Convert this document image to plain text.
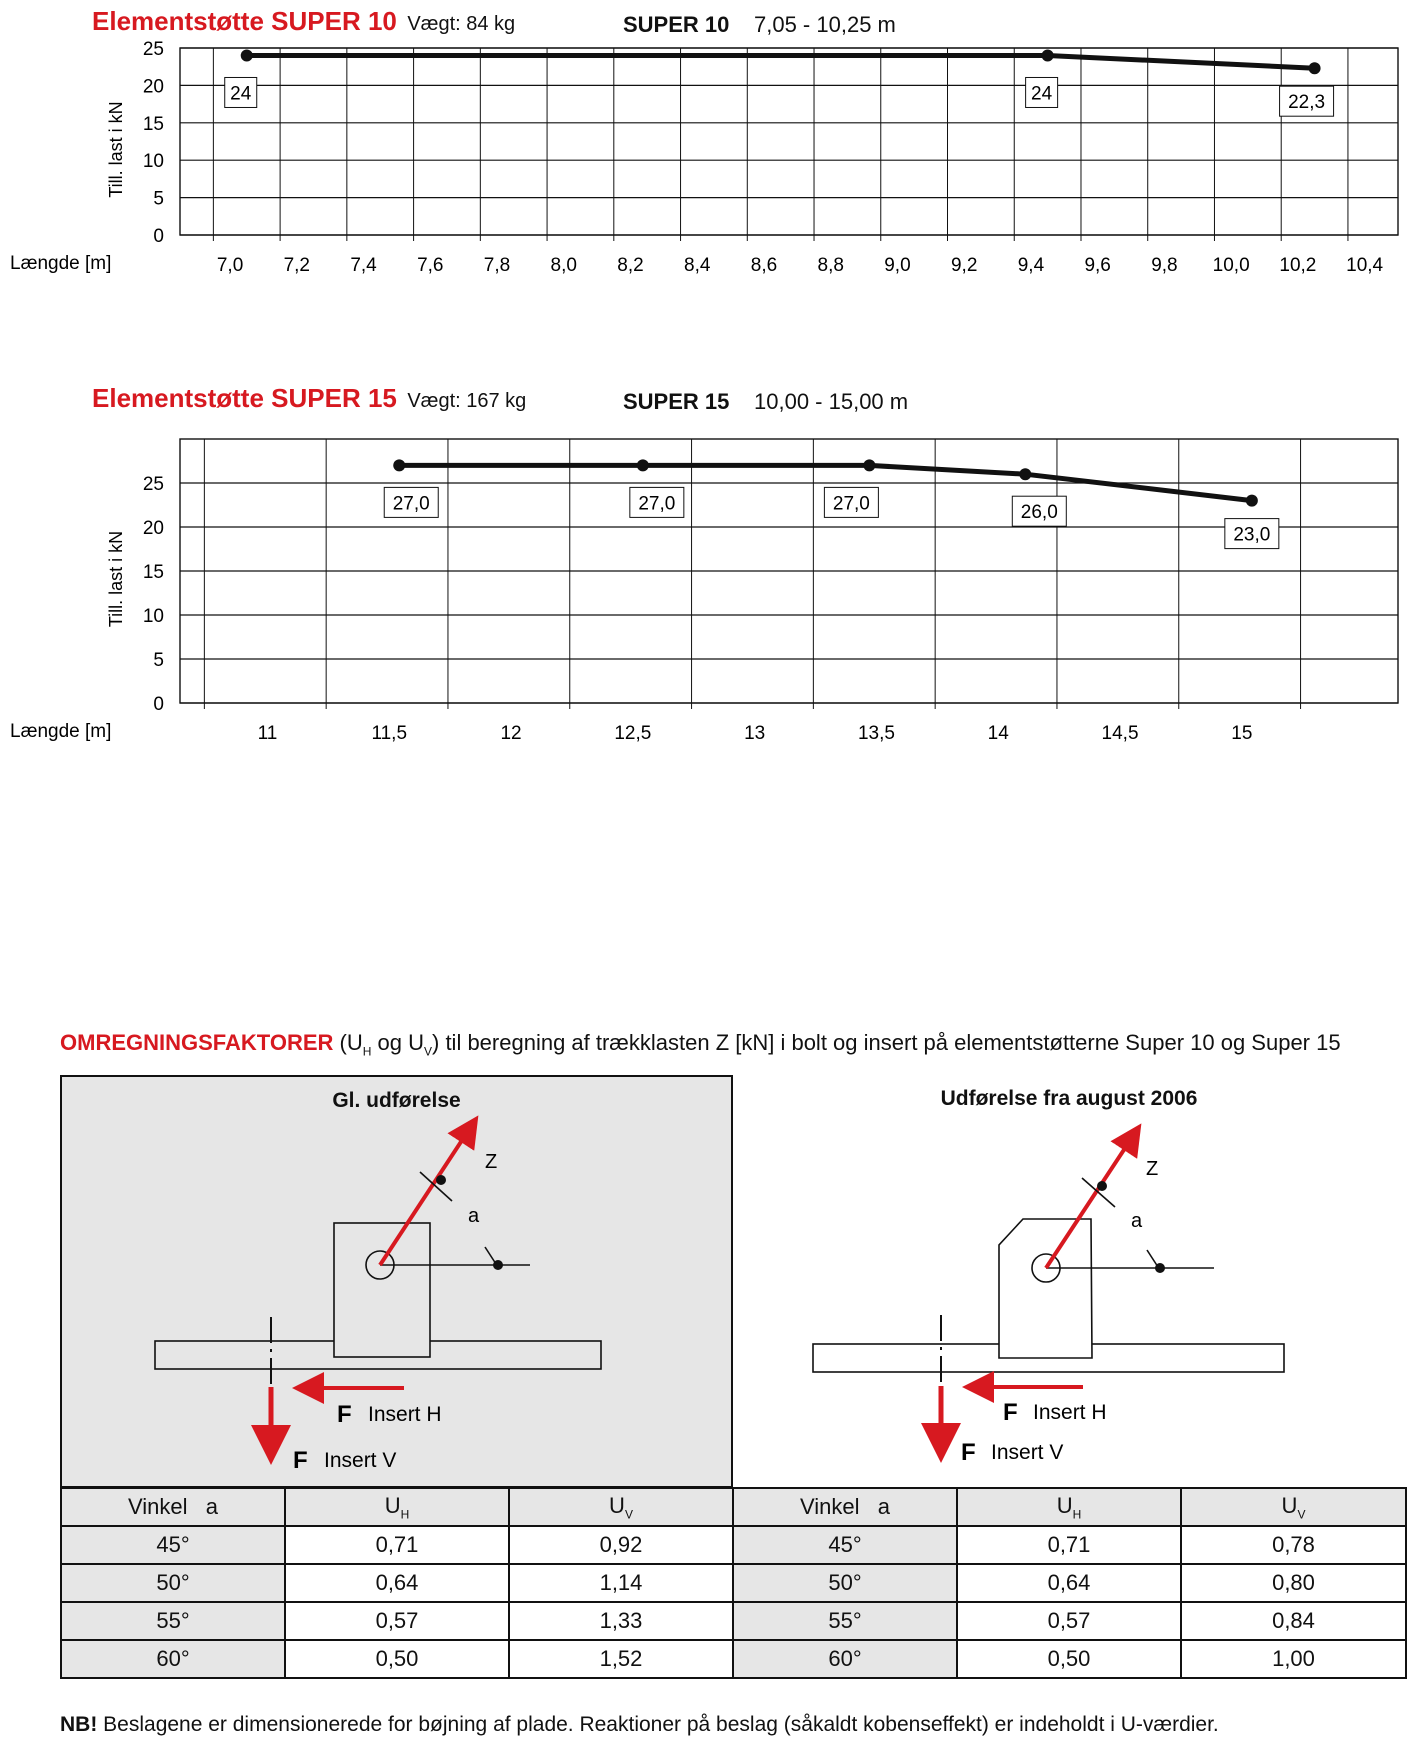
Elementstøtte SUPER 10 Vægt: 84 kg	SUPER 10 7,05 - 10,25 m
0
5
10
15
20
25
7,0 7,2 7,4 7,6 7,8 8,0 8,2 8,4 8,6 8,8 9,0 9,2 9,4 9,6 9,8 10,0 10,2 10,4
Længde [m]
Till. last i kN
24	24	22,3
Elementstøtte SUPER 15 Vægt: 167 kg	SUPER 15 10,00 - 15,00 m
0
5
10
15
20
25
11	11,5	12	12,5	13	13,5	14	14,5	15
Længde [m]
Till. last i kN
27,0	27,0	27,0	26,0
23,0
OMREGNINGSFAKTORER ($U_H$ og $U_V$) til beregning af trækklasten Z [kN] i bolt og insert på elementstøtterne Super 10 og Super 15
Gl. udførelse
Z
a
F Insert H
F Insert V
Udførelse fra august 2006
Z
a
F Insert H
F Insert V
Vinkel   a	$U_H$	$U_V$	Vinkel   a	$U_H$	$U_V$
45°	0,71	0,92	45°	0,71	0,78
50°	0,64	1,14	50°	0,64	0,80
55°	0,57	1,33	55°	0,57	0,84
60°	0,50	1,52	60°	0,50	1,00
NB! Beslagene er dimensionerede for bøjning af plade. Reaktioner på beslag (såkaldt kobenseffekt) er indeholdt i U-værdier.
